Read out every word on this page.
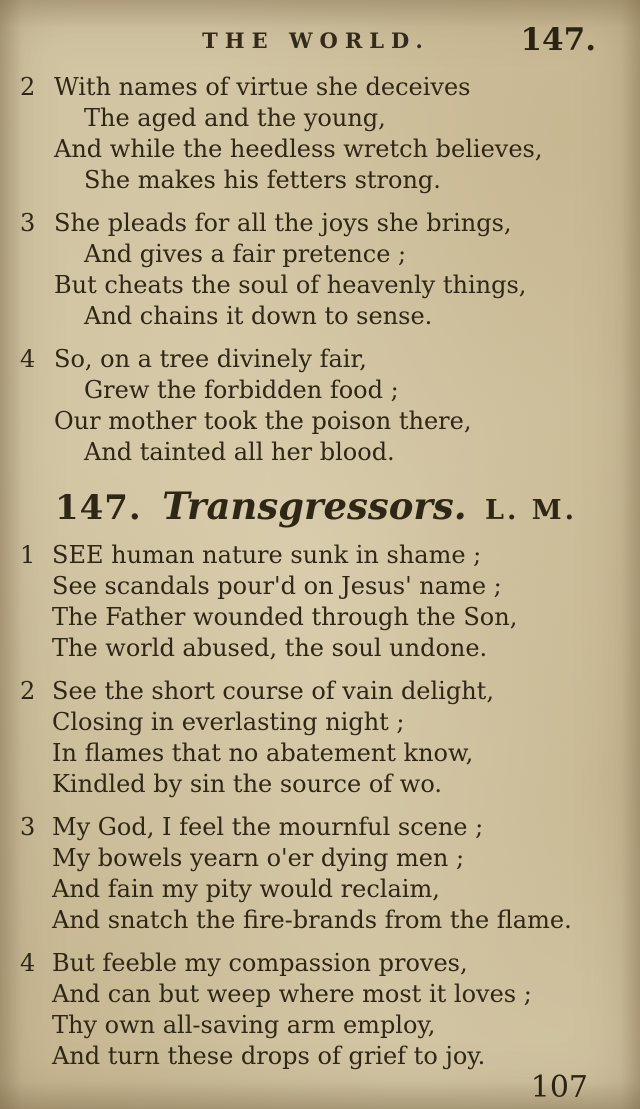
THE WORLD.	147.
2 With names of virtue she deceives
The aged and the young,
And while the heedless wretch believes,
She makes his fetters strong.
3 She pleads for all the joys she brings,
And gives a fair pretence ;
But cheats the soul of heavenly things,
And chains it down to sense.
4 So, on a tree divinely fair,
Grew the forbidden food ;
Our mother took the poison there,
And tainted all her blood.
147. Transgressors. L. M.
1 SEE human nature sunk in shame ;
See scandals pour'd on Jesus' name ;
The Father wounded through the Son,
The world abused, the soul undone.
2 See the short course of vain delight,
Closing in everlasting night ;
In flames that no abatement know,
Kindled by sin the source of wo.
3 My God, I feel the mournful scene ;
My bowels yearn o'er dying men ;
And fain my pity would reclaim,
And snatch the fire-brands from the flame.
4 But feeble my compassion proves,
And can but weep where most it loves ;
Thy own all-saving arm employ,
And turn these drops of grief to joy.
107
